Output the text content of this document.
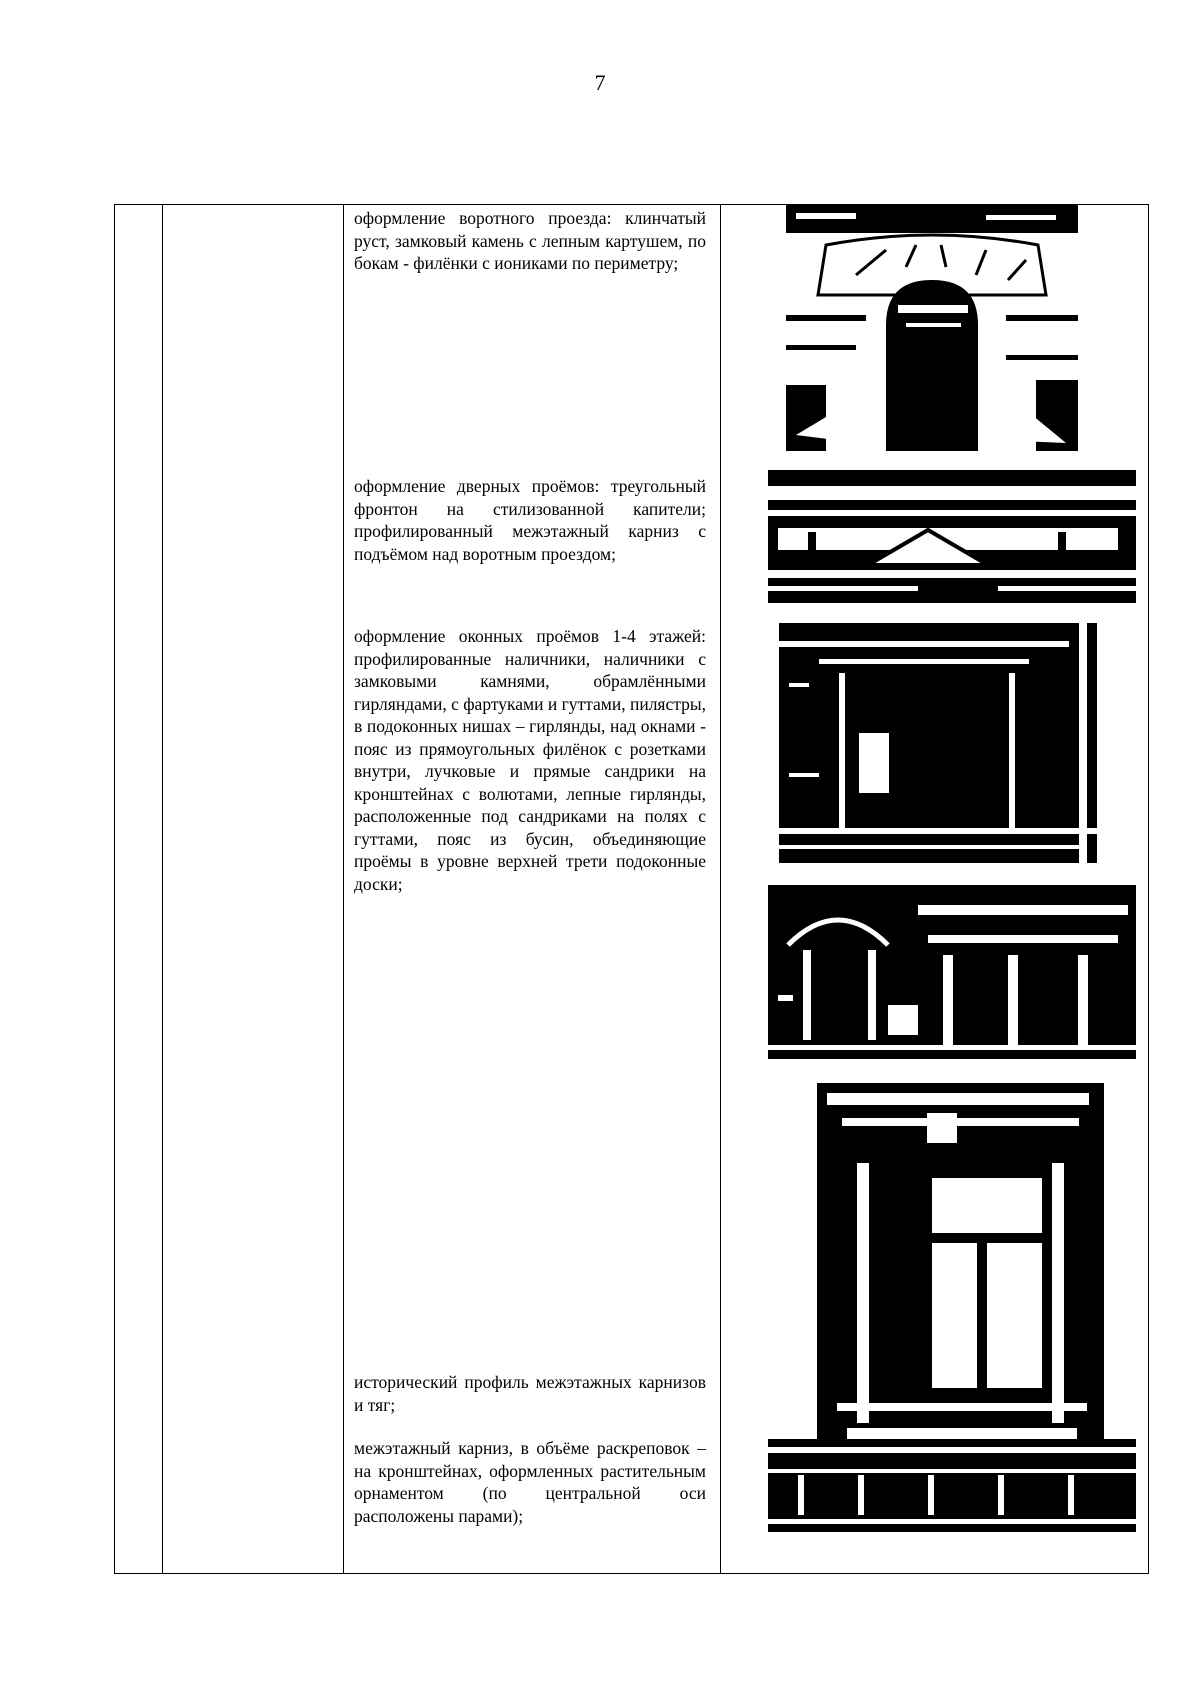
7

оформление воротного проезда: клинчатый руст, замковый камень с лепным картушем, по бокам - филёнки с иониками по периметру;
оформление дверных проёмов: треугольный фронтон на стилизованной капители; профилированный межэтажный карниз с подъёмом над воротным проездом;
оформление оконных проёмов 1-4 этажей: профилированные наличники, наличники с замковыми камнями, обрамлёнными гирляндами, с фартуками и гуттами, пилястры, в подоконных нишах – гирлянды, над окнами - пояс из прямоугольных филёнок с розетками внутри, лучковые и прямые сандрики на кронштейнах с волютами, лепные гирлянды, расположенные под сандриками на полях с гуттами, пояс из бусин, объединяющие проёмы в уровне верхней трети подоконные доски;
исторический профиль межэтажных карнизов и тяг;
межэтажный карниз, в объёме раскреповок – на кронштейнах, оформленных растительным орнаментом (по центральной оси расположены парами);
